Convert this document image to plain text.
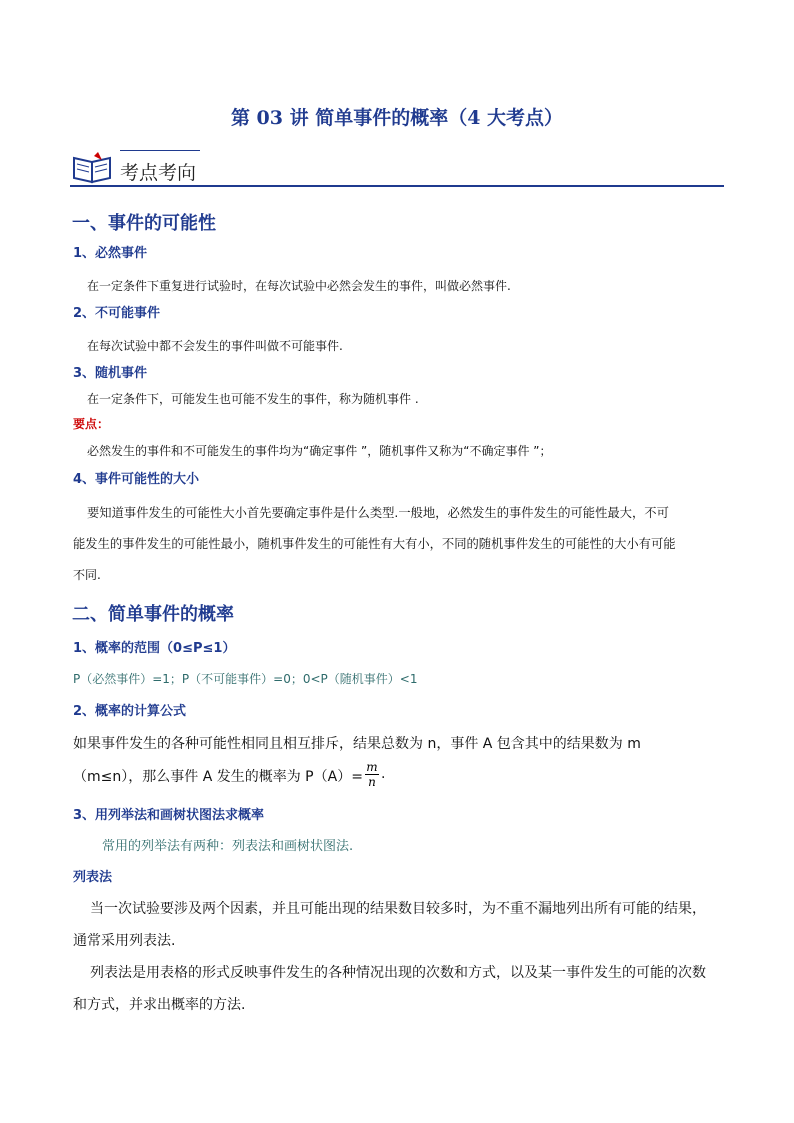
第 03 讲 简单事件的概率（4 大考点）
考点考向
一、事件的可能性
1、必然事件
在一定条件下重复进行试验时，在每次试验中必然会发生的事件，叫做必然事件.
2、不可能事件
在每次试验中都不会发生的事件叫做不可能事件.
3、随机事件
在一定条件下，可能发生也可能不发生的事件，称为随机事件 .
要点：
必然发生的事件和不可能发生的事件均为“确定事件 ”，随机事件又称为“不确定事件 ”；
4、事件可能性的大小
要知道事件发生的可能性大小首先要确定事件是什么类型.一般地，必然发生的事件发生的可能性最大，不可
能发生的事件发生的可能性最小，随机事件发生的可能性有大有小，不同的随机事件发生的可能性的大小有可能
不同.
二、简单事件的概率
1、概率的范围（0≤P≤1）
P（必然事件）=1；P（不可能事件）=0；0<P（随机事件）<1
2、概率的计算公式
如果事件发生的各种可能性相同且相互排斥，结果总数为 n，事件 A 包含其中的结果数为 m
（m≤n），那么事件 A 发生的概率为 $P(A)= \frac{m}{n}$ .
3、用列举法和画树状图法求概率
常用的列举法有两种：列表法和画树状图法.
列表法
当一次试验要涉及两个因素，并且可能出现的结果数目较多时，为不重不漏地列出所有可能的结果，
通常采用列表法.
列表法是用表格的形式反映事件发生的各种情况出现的次数和方式，以及某一事件发生的可能的次数
和方式，并求出概率的方法.
